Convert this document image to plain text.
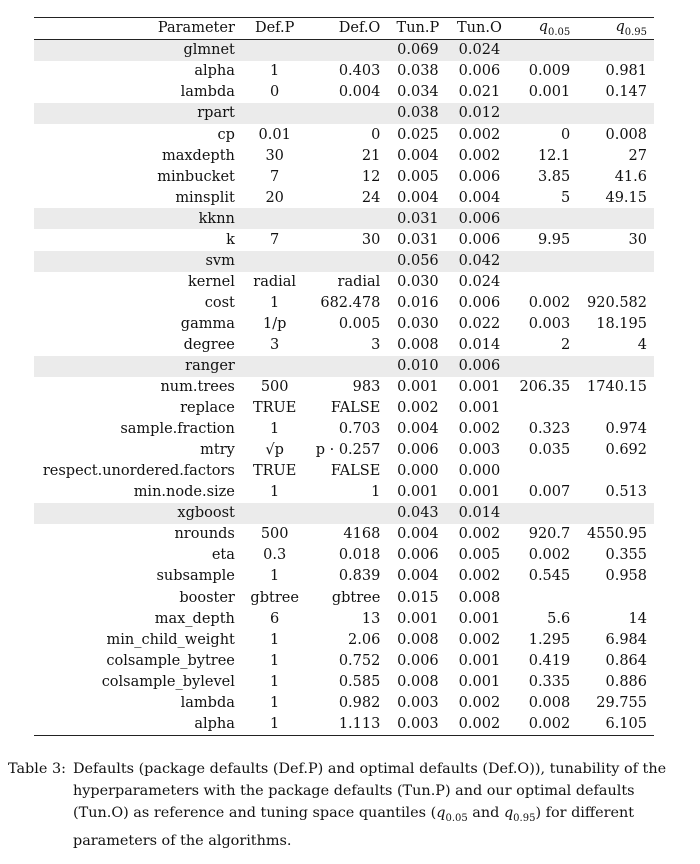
Parameter	Def.P	Def.O	Tun.P	Tun.O	$q_{0.05}$	$q_{0.95}$
glmnet			0.069	0.024		
alpha	1	0.403	0.038	0.006	0.009	0.981
lambda	0	0.004	0.034	0.021	0.001	0.147
rpart			0.038	0.012		
cp	0.01	0	0.025	0.002	0	0.008
maxdepth	30	21	0.004	0.002	12.1	27
minbucket	7	12	0.005	0.006	3.85	41.6
minsplit	20	24	0.004	0.004	5	49.15
kknn			0.031	0.006		
k	7	30	0.031	0.006	9.95	30
svm			0.056	0.042		
kernel	radial	radial	0.030	0.024		
cost	1	682.478	0.016	0.006	0.002	920.582
gamma	1/p	0.005	0.030	0.022	0.003	18.195
degree	3	3	0.008	0.014	2	4
ranger			0.010	0.006		
num.trees	500	983	0.001	0.001	206.35	1740.15
replace	TRUE	FALSE	0.002	0.001		
sample.fraction	1	0.703	0.004	0.002	0.323	0.974
mtry	√p	p · 0.257	0.006	0.003	0.035	0.692
respect.unordered.factors	TRUE	FALSE	0.000	0.000		
min.node.size	1	1	0.001	0.001	0.007	0.513
xgboost			0.043	0.014		
nrounds	500	4168	0.004	0.002	920.7	4550.95
eta	0.3	0.018	0.006	0.005	0.002	0.355
subsample	1	0.839	0.004	0.002	0.545	0.958
booster	gbtree	gbtree	0.015	0.008		
max_depth	6	13	0.001	0.001	5.6	14
min_child_weight	1	2.06	0.008	0.002	1.295	6.984
colsample_bytree	1	0.752	0.006	0.001	0.419	0.864
colsample_bylevel	1	0.585	0.008	0.001	0.335	0.886
lambda	1	0.982	0.003	0.002	0.008	29.755
alpha	1	1.113	0.003	0.002	0.002	6.105
Table 3: Defaults (package defaults (Def.P) and optimal defaults (Def.O)), tunability of the hyperparameters with the package defaults (Tun.P) and our optimal defaults (Tun.O) as reference and tuning space quantiles ($q_{0.05}$ and $q_{0.95}$) for different parameters of the algorithms.
